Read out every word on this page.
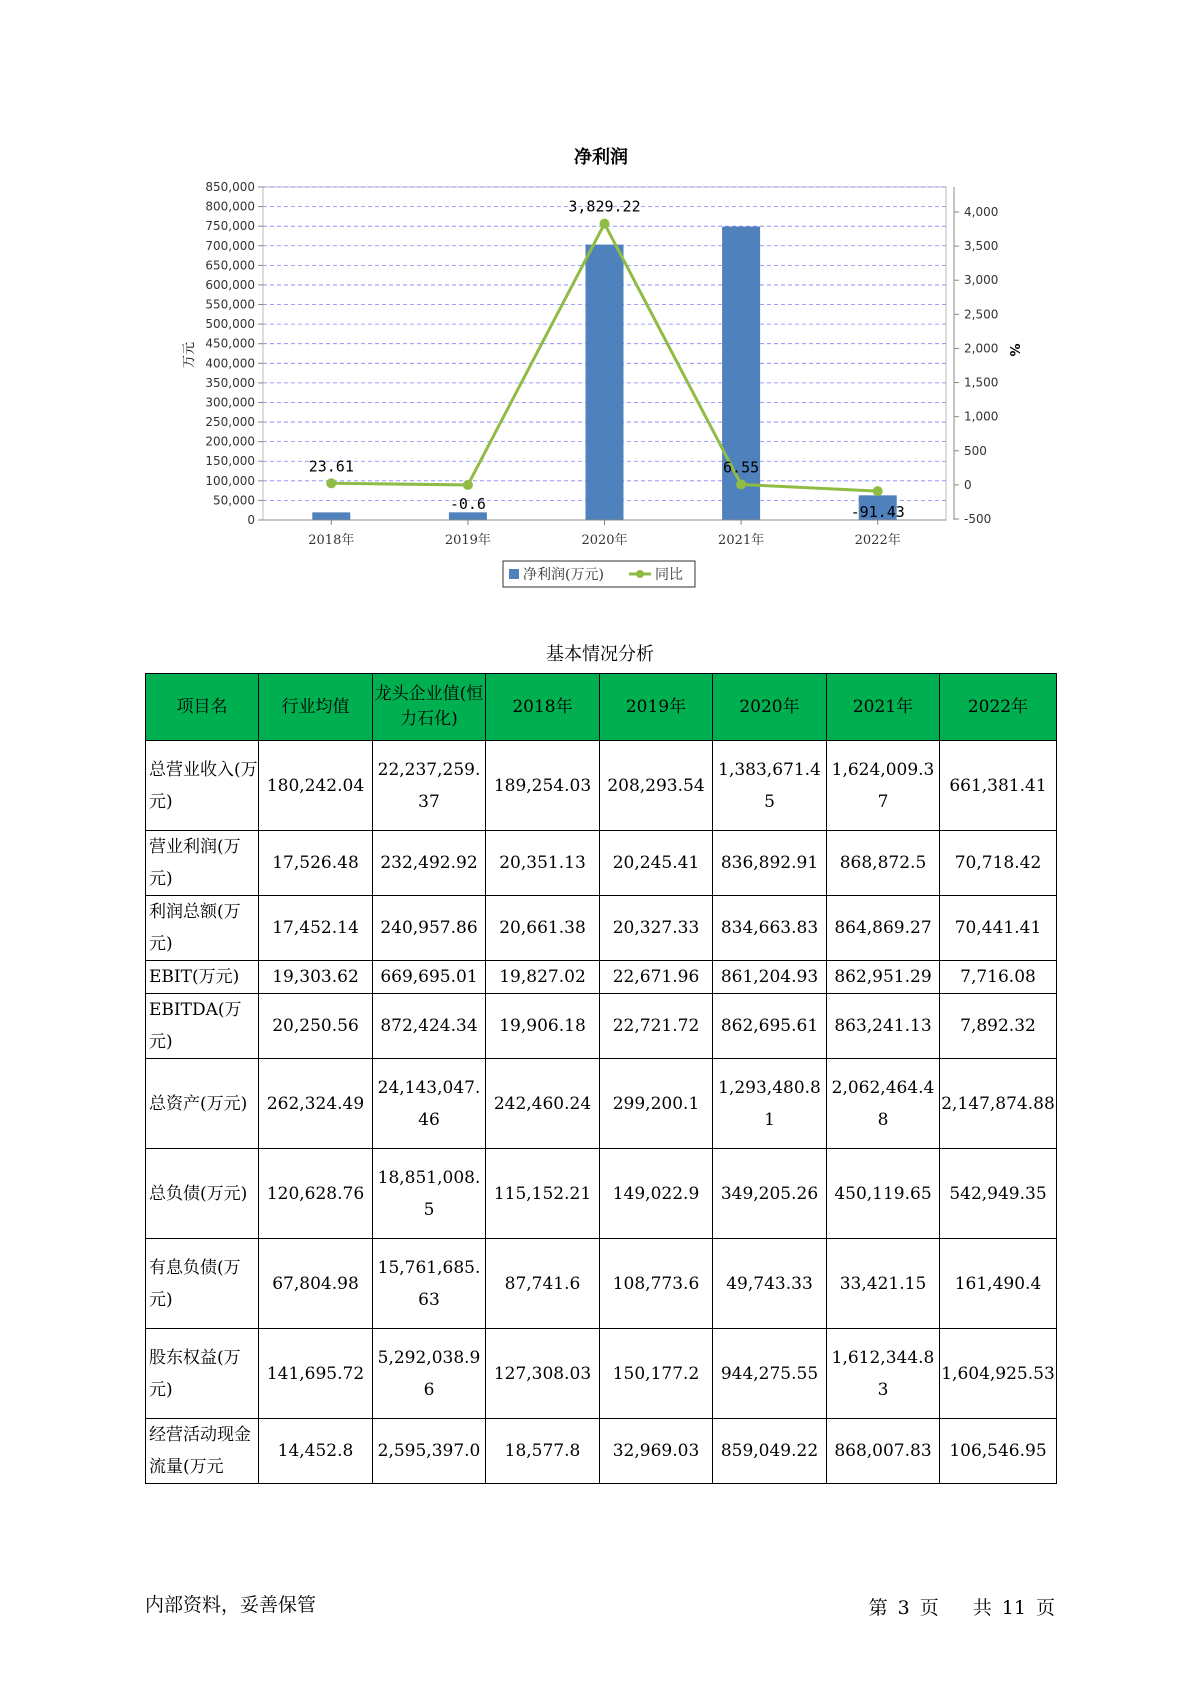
净利润
0
50,000
100,000
150,000
200,000
250,000
300,000
350,000
400,000
450,000
500,000
550,000
600,000
650,000
700,000
750,000
800,000
850,000
-500
0
500
1,000
1,500
2,000
2,500
3,000
3,500
4,000
万元	%
2018年	2019年	2020年	2021年	2022年
23.61
-0.6
3,829.22
6.55
-91.43
净利润(万元)	同比
基本情况分析
项目名	行业均值	龙头企业值(恒力石化)	2018年	2019年	2020年	2021年	2022年
总营业收入(万元)	180,242.04	22,237,259.37	189,254.03	208,293.54	1,383,671.45	1,624,009.37	661,381.41
营业利润(万元)	17,526.48	232,492.92	20,351.13	20,245.41	836,892.91	868,872.5	70,718.42
利润总额(万元)	17,452.14	240,957.86	20,661.38	20,327.33	834,663.83	864,869.27	70,441.41
EBIT(万元)	19,303.62	669,695.01	19,827.02	22,671.96	861,204.93	862,951.29	7,716.08
EBITDA(万元)	20,250.56	872,424.34	19,906.18	22,721.72	862,695.61	863,241.13	7,892.32
总资产(万元)	262,324.49	24,143,047.46	242,460.24	299,200.1	1,293,480.81	2,062,464.48	2,147,874.88
总负债(万元)	120,628.76	18,851,008.5	115,152.21	149,022.9	349,205.26	450,119.65	542,949.35
有息负债(万元)	67,804.98	15,761,685.63	87,741.6	108,773.6	49,743.33	33,421.15	161,490.4
股东权益(万元)	141,695.72	5,292,038.96	127,308.03	150,177.2	944,275.55	1,612,344.83	1,604,925.53
经营活动现金流量(万元	14,452.8	2,595,397.0	18,577.8	32,969.03	859,049.22	868,007.83	106,546.95
内部资料，妥善保管	第 3 页 共 11 页
